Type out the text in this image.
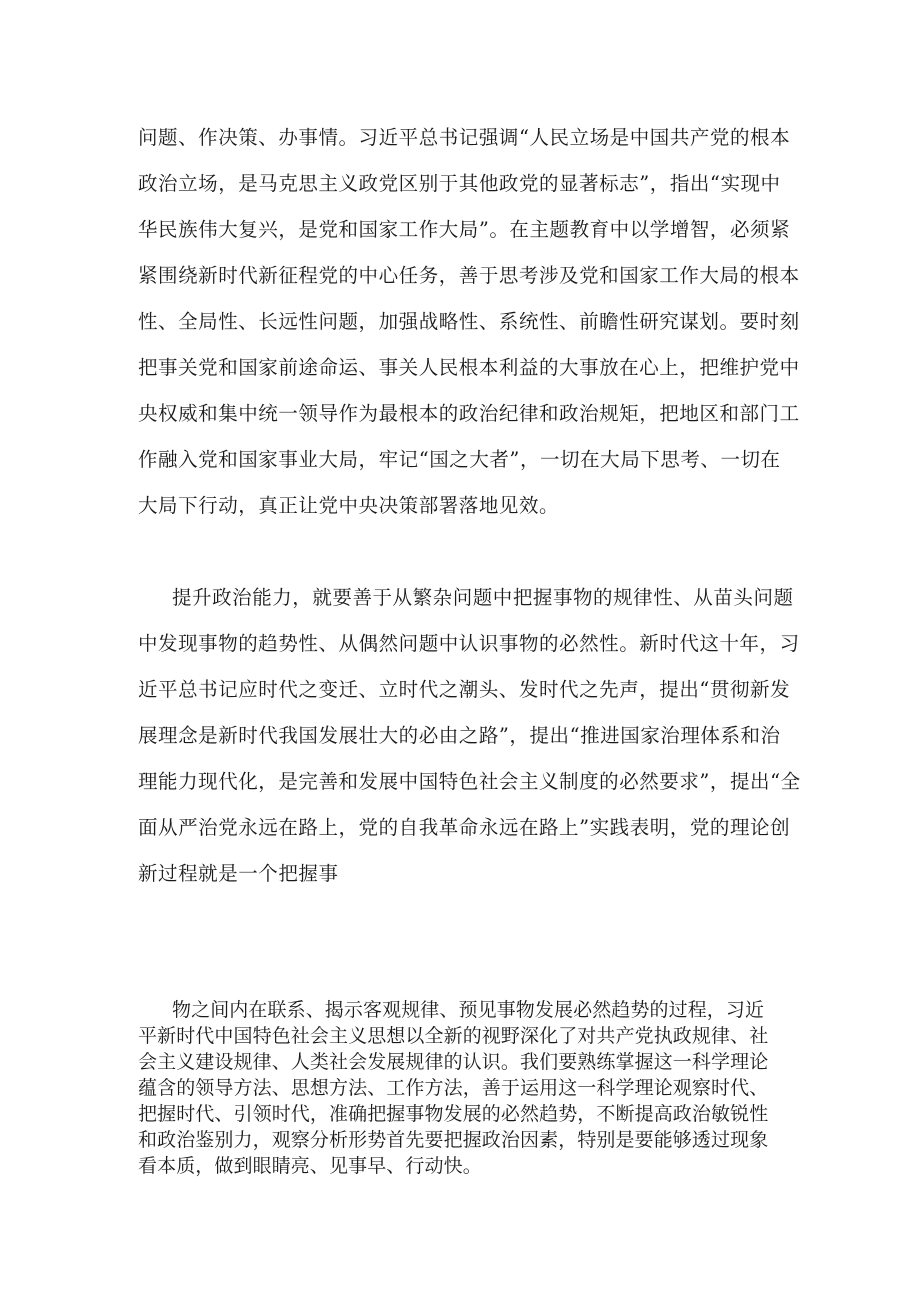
问题、作决策、办事情。习近平总书记强调“人民立场是中国共产党的根本
政治立场，是马克思主义政党区别于其他政党的显著标志”，指出“实现中
华民族伟大复兴，是党和国家工作大局”。在主题教育中以学增智，必须紧
紧围绕新时代新征程党的中心任务，善于思考涉及党和国家工作大局的根本
性、全局性、长远性问题，加强战略性、系统性、前瞻性研究谋划。要时刻
把事关党和国家前途命运、事关人民根本利益的大事放在心上，把维护党中
央权威和集中统一领导作为最根本的政治纪律和政治规矩，把地区和部门工
作融入党和国家事业大局，牢记“国之大者”，一切在大局下思考、一切在
大局下行动，真正让党中央决策部署落地见效。
提升政治能力，就要善于从繁杂问题中把握事物的规律性、从苗头问题
中发现事物的趋势性、从偶然问题中认识事物的必然性。新时代这十年，习
近平总书记应时代之变迁、立时代之潮头、发时代之先声，提出“贯彻新发
展理念是新时代我国发展壮大的必由之路”，提出“推进国家治理体系和治
理能力现代化，是完善和发展中国特色社会主义制度的必然要求”，提出“全
面从严治党永远在路上，党的自我革命永远在路上”实践表明，党的理论创
新过程就是一个把握事
物之间内在联系、揭示客观规律、预见事物发展必然趋势的过程，习近
平新时代中国特色社会主义思想以全新的视野深化了对共产党执政规律、社
会主义建设规律、人类社会发展规律的认识。我们要熟练掌握这一科学理论
蕴含的领导方法、思想方法、工作方法，善于运用这一科学理论观察时代、
把握时代、引领时代，准确把握事物发展的必然趋势，不断提高政治敏锐性
和政治鉴别力，观察分析形势首先要把握政治因素，特别是要能够透过现象
看本质，做到眼睛亮、见事早、行动快。
